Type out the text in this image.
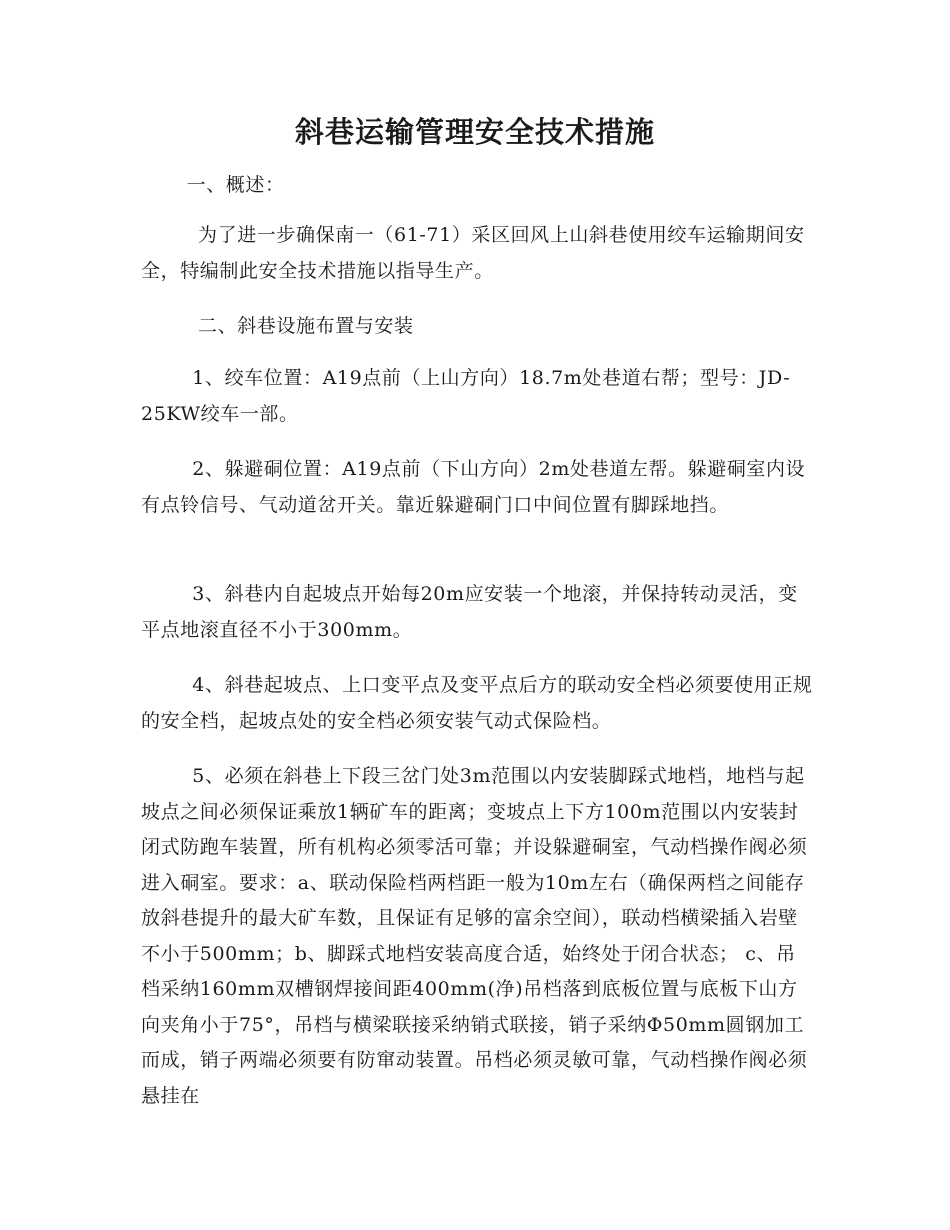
斜巷运输管理安全技术措施

一、概述：

为了进一步确保南一（61-71）采区回风上山斜巷使用绞车运输期间安全，特编制此安全技术措施以指导生产。

二、斜巷设施布置与安装

1、绞车位置：A19点前（上山方向）18.7m处巷道右帮；型号：JD-25KW绞车一部。

2、躲避硐位置：A19点前（下山方向）2m处巷道左帮。躲避硐室内设有点铃信号、气动道岔开关。靠近躲避硐门口中间位置有脚踩地挡。

3、斜巷内自起坡点开始每20m应安装一个地滚，并保持转动灵活，变平点地滚直径不小于300mm。

4、斜巷起坡点、上口变平点及变平点后方的联动安全档必须要使用正规的安全档，起坡点处的安全档必须安装气动式保险档。

5、必须在斜巷上下段三岔门处3m范围以内安装脚踩式地档，地档与起坡点之间必须保证乘放1辆矿车的距离；变坡点上下方100m范围以内安装封闭式防跑车装置，所有机构必须零活可靠；并设躲避硐室，气动档操作阀必须进入硐室。要求：a、联动保险档两档距一般为10m左右（确保两档之间能存放斜巷提升的最大矿车数，且保证有足够的富余空间），联动档横梁插入岩壁不小于500mm；b、脚踩式地档安装高度合适，始终处于闭合状态； c、吊档采纳160mm双槽钢焊接间距400mm(净)吊档落到底板位置与底板下山方向夹角小于75°，吊档与横梁联接采纳销式联接，销子采纳Φ50mm圆钢加工而成，销子两端必须要有防窜动装置。吊档必须灵敏可靠，气动档操作阀必须悬挂在
